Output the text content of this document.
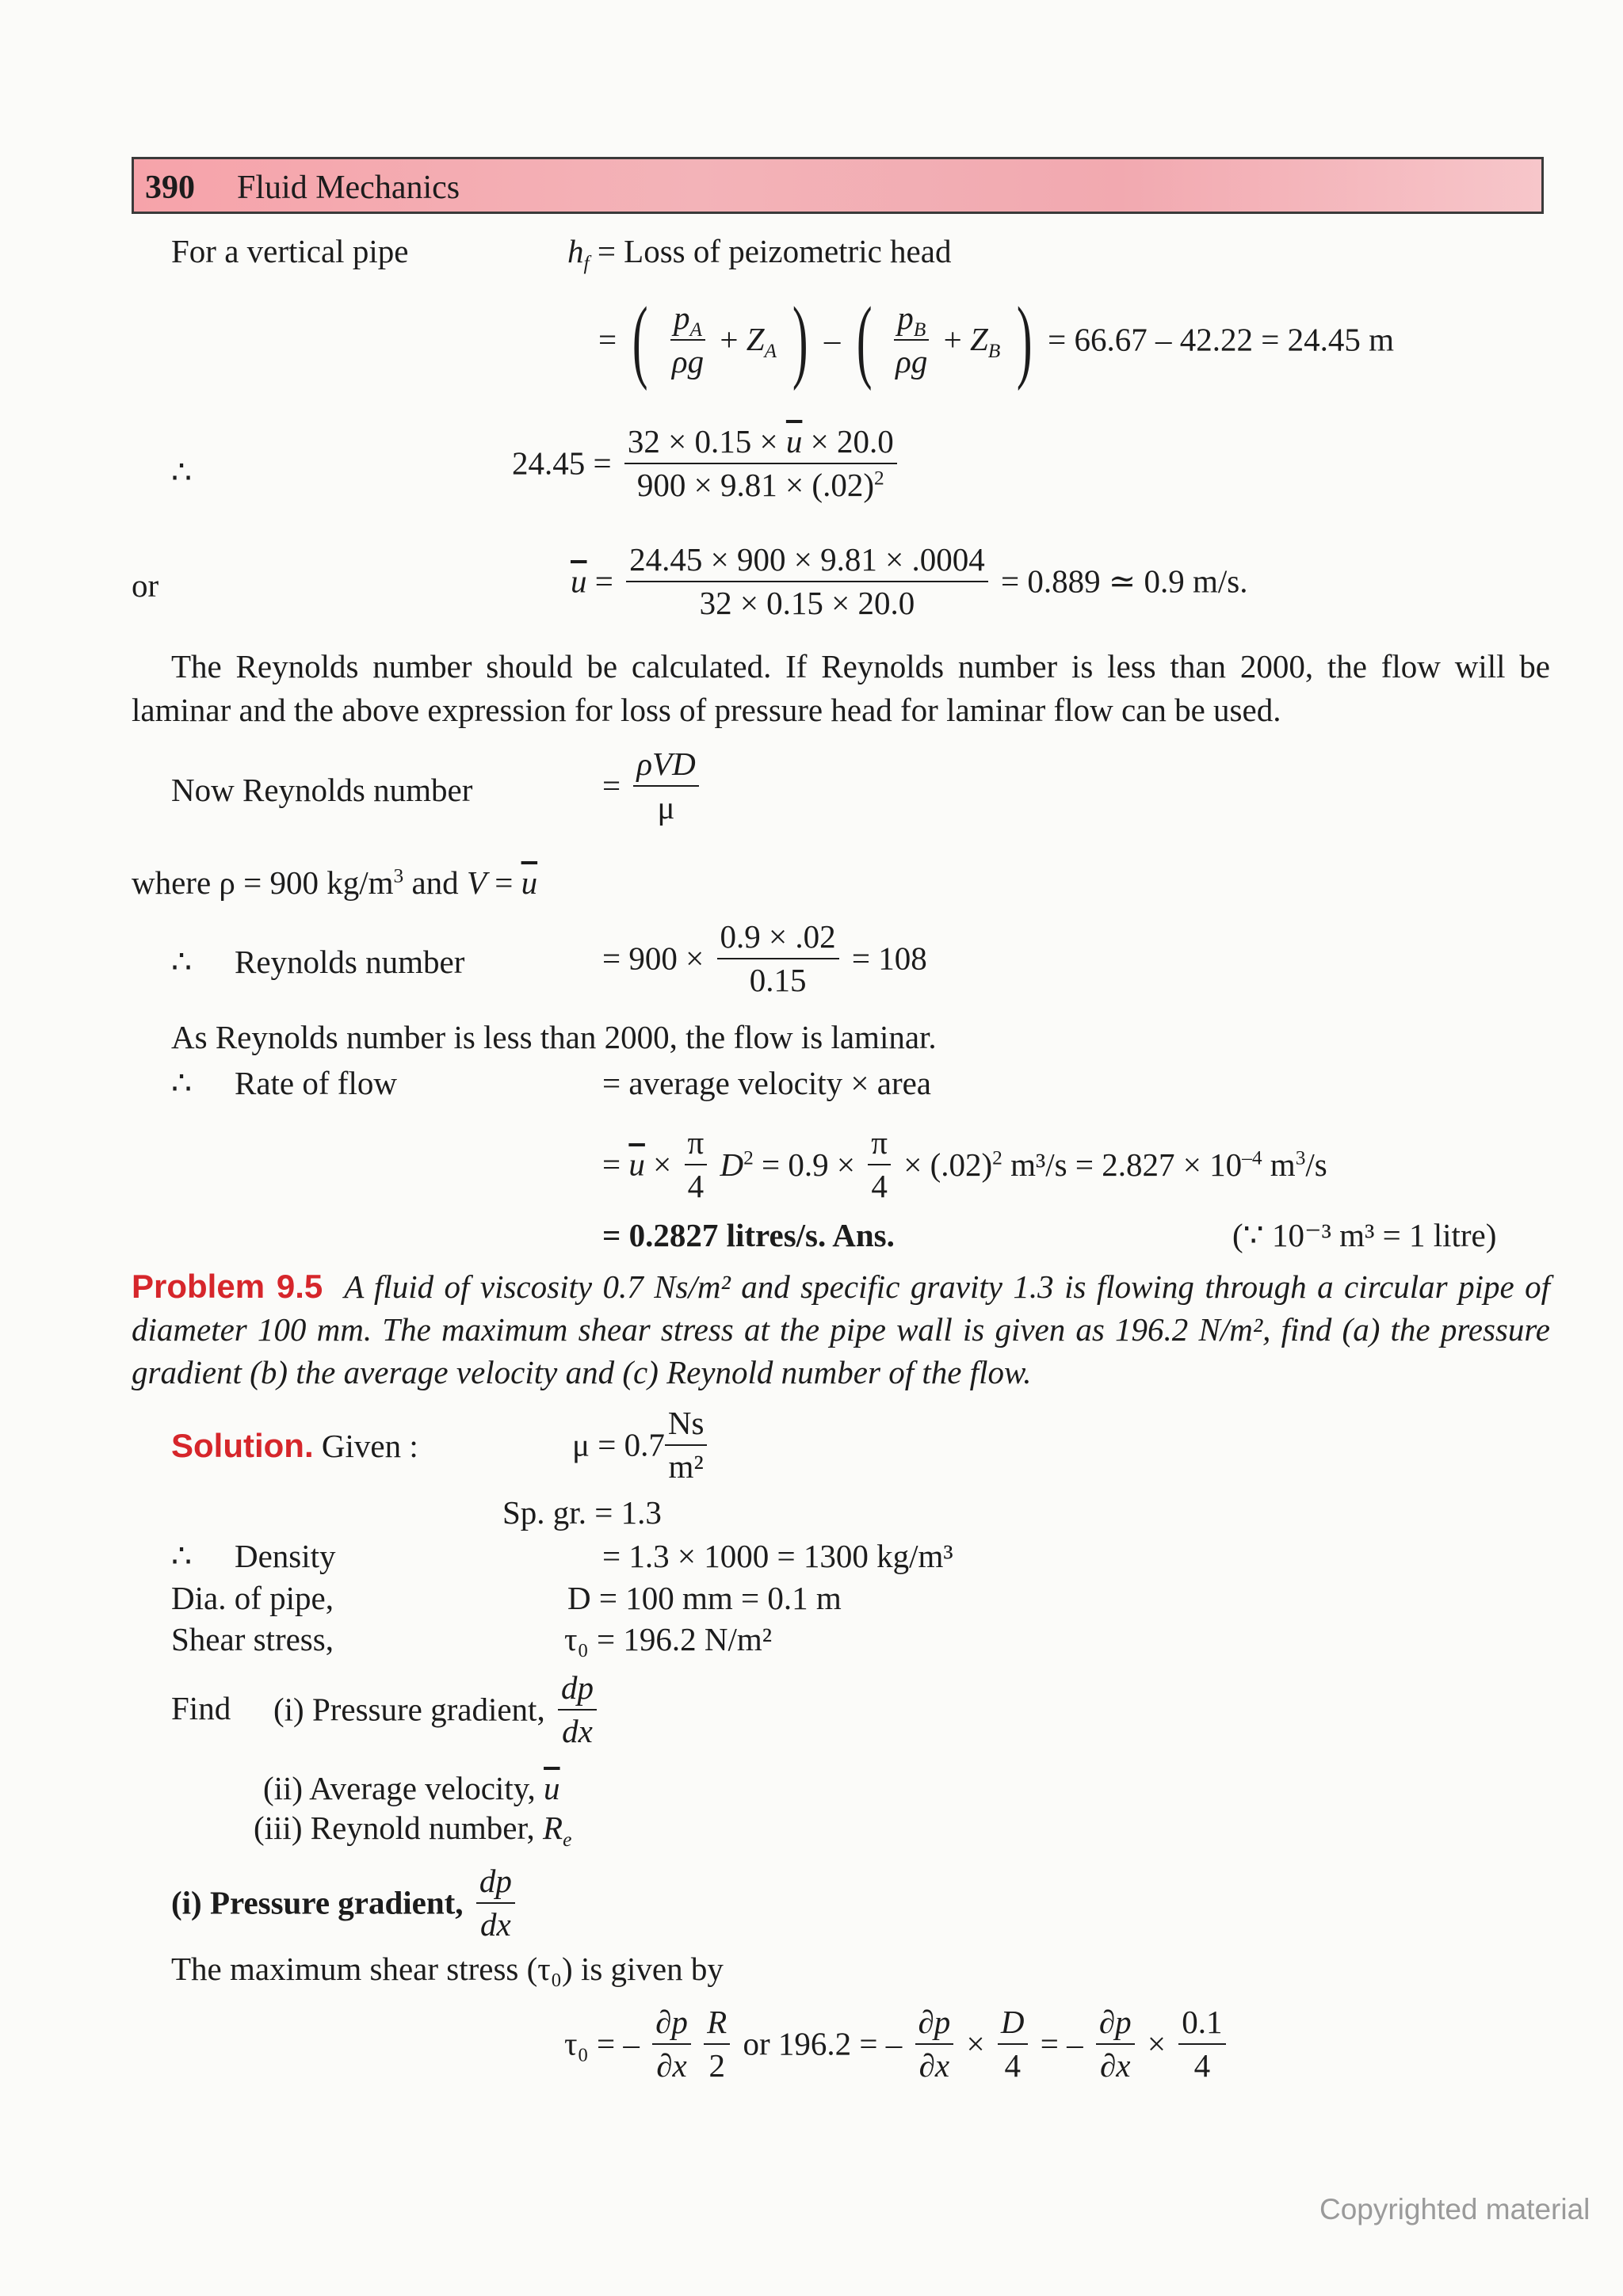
390 Fluid Mechanics
For a vertical pipe	$h_f$ = Loss of peizometric head
= ( $\frac{p_A}{\rho g} + Z_A$ ) – ( $\frac{p_B}{\rho g} + Z_B$ ) = 66.67 – 42.22 = 24.45 m
∴	$24.45 = \frac{32 \times 0.15 \times \overline{u} \times 20.0}{900 \times 9.81 \times (.02)^2}$
or	$\overline{u} = \frac{24.45 \times 900 \times 9.81 \times .0004}{32 \times 0.15 \times 20.0} = 0.889$ ≃ 0.9 m/s.
The Reynolds number should be calculated. If Reynolds number is less than 2000, the flow will be laminar and the above expression for loss of pressure head for laminar flow can be used.
Now Reynolds number	= $\frac{\text{ρVD}}{\mu}$
where ρ = 900 $kg/m^3$ and $V = \overline{u}$
∴ Reynolds number	= $900 \times \frac{0.9 \times .02}{0.15} = 108$
As Reynolds number is less than 2000, the flow is laminar.
∴ Rate of flow	= average velocity × area
= $\overline{u} \times \frac{\pi}{4} D^2 = 0.9 \times \frac{\pi}{4} \times (.02)^2$ $m^3/s = 2.827 \times 10^{-4}$ $m^3/s$
= 0.2827 litres/s. Ans.	(∵ 10⁻³ m³ = 1 litre)
Problem 9.5 A fluid of viscosity 0.7 Ns/m² and specific gravity 1.3 is flowing through a circular pipe of diameter 100 mm. The maximum shear stress at the pipe wall is given as 196.2 N/m², find (a) the pressure gradient (b) the average velocity and (c) Reynold number of the flow.
Solution. Given :	$\mu = 0.7 \frac{Ns}{\text{m²}}$
Sp. gr. = 1.3
∴ Density	= 1.3 × 1000 = 1300 kg/m³
Dia. of pipe,	D = 100 mm = 0.1 m
Shear stress,	τ₀ = 196.2 N/m²
Find (i) Pressure gradient, $\frac{dp}{dx}$
(ii) Average velocity, $\overline{u}$
(iii) Reynold number, $R_e$
(i) Pressure gradient, $\frac{dp}{dx}$
The maximum shear stress (τ₀) is given by
τ₀ = – $\frac{\partial p}{\partial x}$
$\frac{R}{2}$ or 196.2 = – $\frac{\partial p}{\partial x} \times \frac{D}{4}$ = – $\frac{\partial p}{\partial x} \times \frac{0.1}{4}$
Copyrighted material
